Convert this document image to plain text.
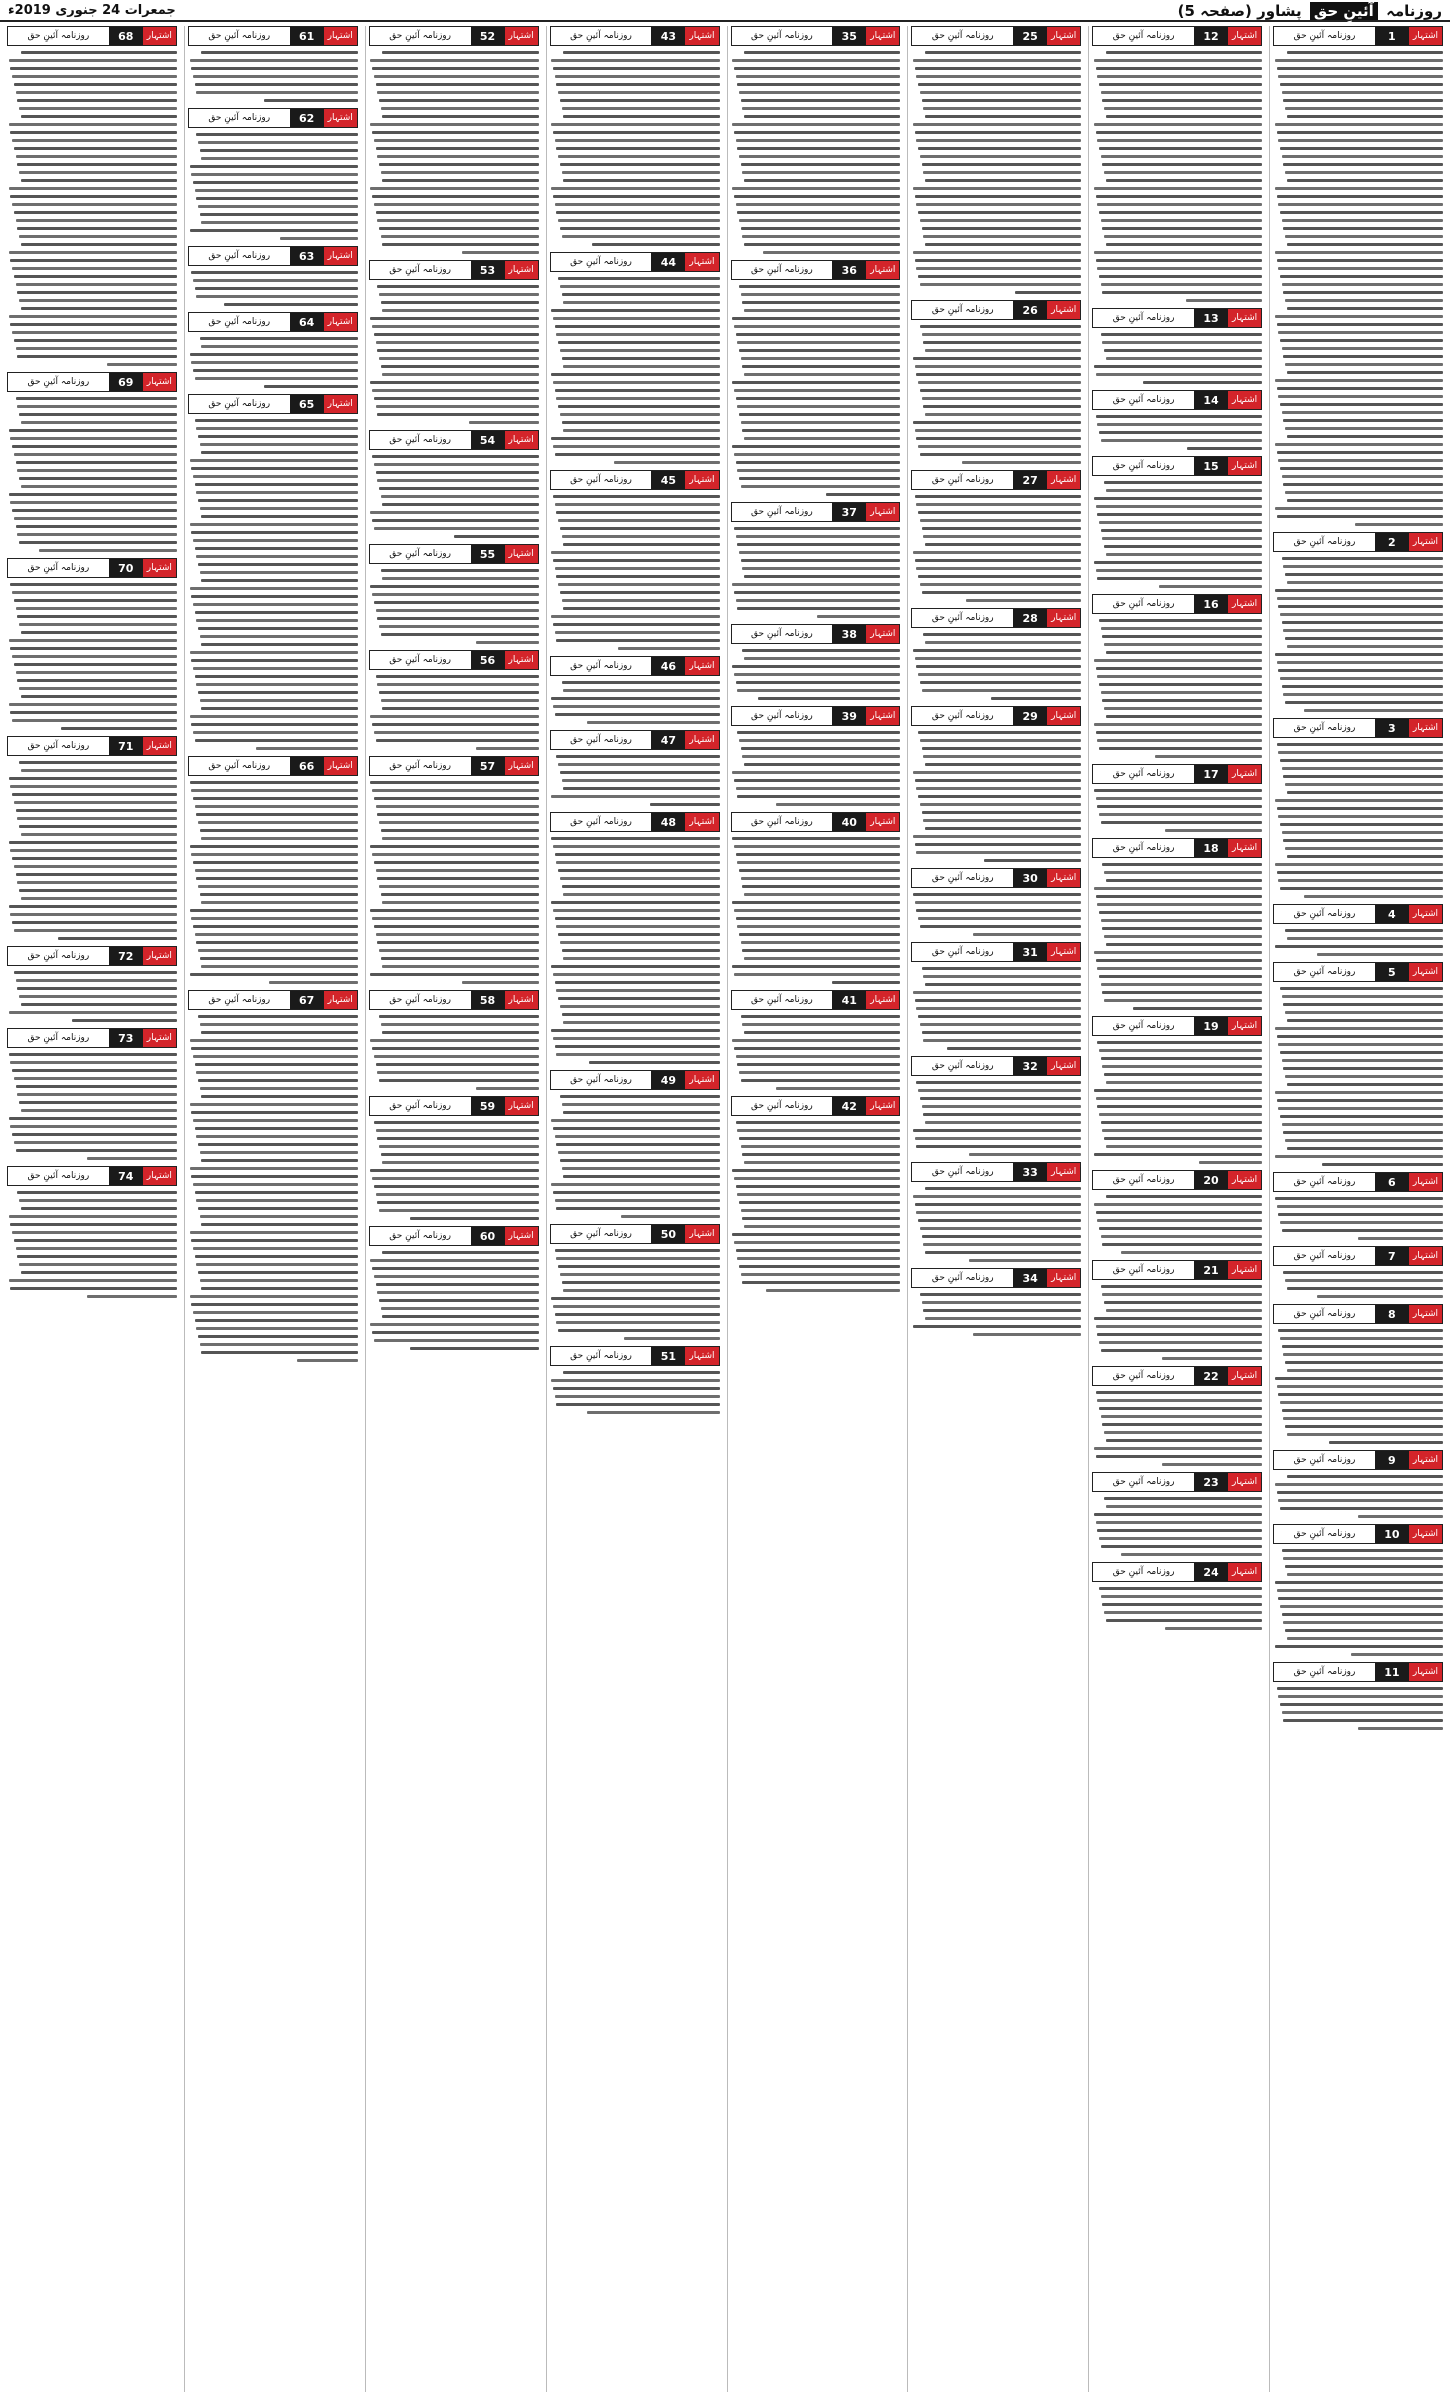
روزنامہ آئینِ حق پشاور (صفحہ 5)
جمعرات 24 جنوری 2019ء
اشتہار
1
روزنامہ آئینِ حق
اشتہار
2
روزنامہ آئینِ حق
اشتہار
3
روزنامہ آئینِ حق
اشتہار
4
روزنامہ آئینِ حق
اشتہار
5
روزنامہ آئینِ حق
اشتہار
6
روزنامہ آئینِ حق
اشتہار
7
روزنامہ آئینِ حق
اشتہار
8
روزنامہ آئینِ حق
اشتہار
9
روزنامہ آئینِ حق
اشتہار
10
روزنامہ آئینِ حق
اشتہار
11
روزنامہ آئینِ حق
اشتہار
12
روزنامہ آئینِ حق
اشتہار
13
روزنامہ آئینِ حق
اشتہار
14
روزنامہ آئینِ حق
اشتہار
15
روزنامہ آئینِ حق
اشتہار
16
روزنامہ آئینِ حق
اشتہار
17
روزنامہ آئینِ حق
اشتہار
18
روزنامہ آئینِ حق
اشتہار
19
روزنامہ آئینِ حق
اشتہار
20
روزنامہ آئینِ حق
اشتہار
21
روزنامہ آئینِ حق
اشتہار
22
روزنامہ آئینِ حق
اشتہار
23
روزنامہ آئینِ حق
اشتہار
24
روزنامہ آئینِ حق
اشتہار
25
روزنامہ آئینِ حق
اشتہار
26
روزنامہ آئینِ حق
اشتہار
27
روزنامہ آئینِ حق
اشتہار
28
روزنامہ آئینِ حق
اشتہار
29
روزنامہ آئینِ حق
اشتہار
30
روزنامہ آئینِ حق
اشتہار
31
روزنامہ آئینِ حق
اشتہار
32
روزنامہ آئینِ حق
اشتہار
33
روزنامہ آئینِ حق
اشتہار
34
روزنامہ آئینِ حق
اشتہار
35
روزنامہ آئینِ حق
اشتہار
36
روزنامہ آئینِ حق
اشتہار
37
روزنامہ آئینِ حق
اشتہار
38
روزنامہ آئینِ حق
اشتہار
39
روزنامہ آئینِ حق
اشتہار
40
روزنامہ آئینِ حق
اشتہار
41
روزنامہ آئینِ حق
اشتہار
42
روزنامہ آئینِ حق
اشتہار
43
روزنامہ آئینِ حق
اشتہار
44
روزنامہ آئینِ حق
اشتہار
45
روزنامہ آئینِ حق
اشتہار
46
روزنامہ آئینِ حق
اشتہار
47
روزنامہ آئینِ حق
اشتہار
48
روزنامہ آئینِ حق
اشتہار
49
روزنامہ آئینِ حق
اشتہار
50
روزنامہ آئینِ حق
اشتہار
51
روزنامہ آئینِ حق
اشتہار
52
روزنامہ آئینِ حق
اشتہار
53
روزنامہ آئینِ حق
اشتہار
54
روزنامہ آئینِ حق
اشتہار
55
روزنامہ آئینِ حق
اشتہار
56
روزنامہ آئینِ حق
اشتہار
57
روزنامہ آئینِ حق
اشتہار
58
روزنامہ آئینِ حق
اشتہار
59
روزنامہ آئینِ حق
اشتہار
60
روزنامہ آئینِ حق
اشتہار
61
روزنامہ آئینِ حق
اشتہار
62
روزنامہ آئینِ حق
اشتہار
63
روزنامہ آئینِ حق
اشتہار
64
روزنامہ آئینِ حق
اشتہار
65
روزنامہ آئینِ حق
اشتہار
66
روزنامہ آئینِ حق
اشتہار
67
روزنامہ آئینِ حق
اشتہار
68
روزنامہ آئینِ حق
اشتہار
69
روزنامہ آئینِ حق
اشتہار
70
روزنامہ آئینِ حق
اشتہار
71
روزنامہ آئینِ حق
اشتہار
72
روزنامہ آئینِ حق
اشتہار
73
روزنامہ آئینِ حق
اشتہار
74
روزنامہ آئینِ حق
